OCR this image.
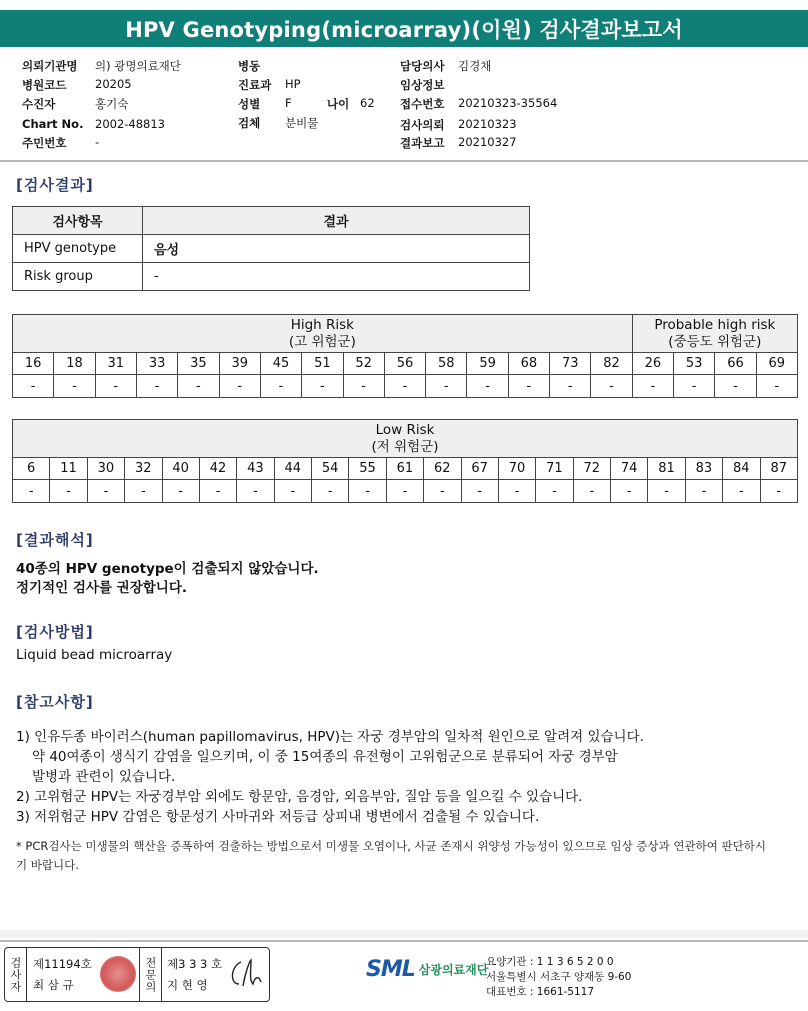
HPV Genotyping(microarray)(이원) 검사결과보고서
의뢰기관명 의) 광명의료재단
병원코드 20205
수진자	홍기숙
Chart No. 2002-48813
주민번호 -
병동
진료과 HP
성별 F	나이 62
검체 분비물
담당의사 김경채
임상정보
접수번호 20210323-35564
검사의뢰 20210323
결과보고 20210327
[검사결과]
검사항목	결과
HPV genotype	음성
Risk group	-
High Risk
(고 위험군)															Probable high risk
(중등도 위험군)			
16	18	31	33	35	39	45	51	52	56	58	59	68	73	82	26	53	66	69
-	-	-	-	-	-	-	-	-	-	-	-	-	-	-	-	-	-	-
Low Risk
(저 위험군)																				
6	11	30	32	40	42	43	44	54	55	61	62	67	70	71	72	74	81	83	84	87
-	-	-	-	-	-	-	-	-	-	-	-	-	-	-	-	-	-	-	-	-
[결과해석]
40종의 HPV genotype이 검출되지 않았습니다.
정기적인 검사를 권장합니다.
[검사방법]
Liquid bead microarray
[참고사항]
1) 인유두종 바이러스(human papillomavirus, HPV)는 자궁 경부암의 일차적 원인으로 알려져 있습니다.
약 40여종이 생식기 감염을 일으키며, 이 중 15여종의 유전형이 고위험군으로 분류되어 자궁 경부암
발병과 관련이 있습니다.
2) 고위험군 HPV는 자궁경부암 외에도 항문암, 음경암, 외음부암, 질암 등을 일으킬 수 있습니다.
3) 저위험군 HPV 감염은 항문성기 사마귀와 저등급 상피내 병변에서 검출될 수 있습니다.
* PCR검사는 미생물의 핵산을 증폭하여 검출하는 방법으로서 미생물 오염이나, 사균 존재시 위양성 가능성이 있으므로 임상 증상과 연관하여 판단하시기 바랍니다.
검사자 제11194호
최 삼 규	전문의 제3 3 3 호
지 현 영
SML 삼광의료재단
요양기관 : 1 1 3 6 5 2 0 0
서울특별시 서초구 양재동 9-60
대표번호 : 1661-5117
